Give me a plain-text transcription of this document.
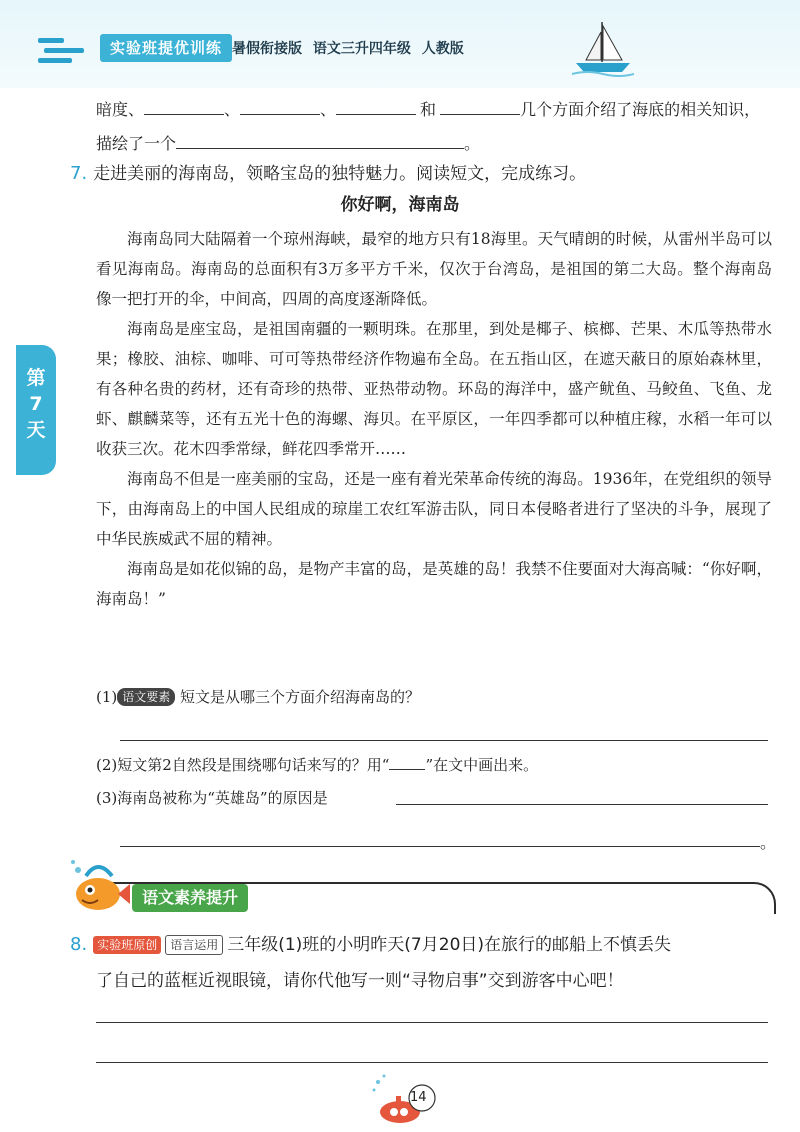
实验班提优训练 暑假衔接版 语文三升四年级 人教版
第
7
天
暗度、	、	、	和	几个方面介绍了海底的相关知识，
描绘了一个	。
7. 走进美丽的海南岛，领略宝岛的独特魅力。阅读短文，完成练习。
你好啊，海南岛

海南岛同大陆隔着一个琼州海峡，最窄的地方只有18海里。天气晴朗的时候，从雷州半岛可以看见海南岛。海南岛的总面积有3万多平方千米，仅次于台湾岛，是祖国的第二大岛。整个海南岛像一把打开的伞，中间高，四周的高度逐渐降低。

海南岛是座宝岛，是祖国南疆的一颗明珠。在那里，到处是椰子、槟榔、芒果、木瓜等热带水果；橡胶、油棕、咖啡、可可等热带经济作物遍布全岛。在五指山区，在遮天蔽日的原始森林里，有各种名贵的药材，还有奇珍的热带、亚热带动物。环岛的海洋中，盛产鱿鱼、马鲛鱼、飞鱼、龙虾、麒麟菜等，还有五光十色的海螺、海贝。在平原区，一年四季都可以种植庄稼，水稻一年可以收获三次。花木四季常绿，鲜花四季常开……

海南岛不但是一座美丽的宝岛，还是一座有着光荣革命传统的海岛。1936年，在党组织的领导下，由海南岛上的中国人民组成的琼崖工农红军游击队，同日本侵略者进行了坚决的斗争，展现了中华民族威武不屈的精神。

海南岛是如花似锦的岛，是物产丰富的岛，是英雄的岛！我禁不住要面对大海高喊：“你好啊，海南岛！”

(1) 语文要素 短文是从哪三个方面介绍海南岛的？
(2)短文第2自然段是围绕哪句话来写的？用“ ”在文中画出来。
(3)海南岛被称为“英雄岛”的原因是
。
语文素养提升
8. 实验班原创 语言运用 三年级(1)班的小明昨天(7月20日)在旅行的邮船上不慎丢失
了自己的蓝框近视眼镜，请你代他写一则“寻物启事”交到游客中心吧！
14
